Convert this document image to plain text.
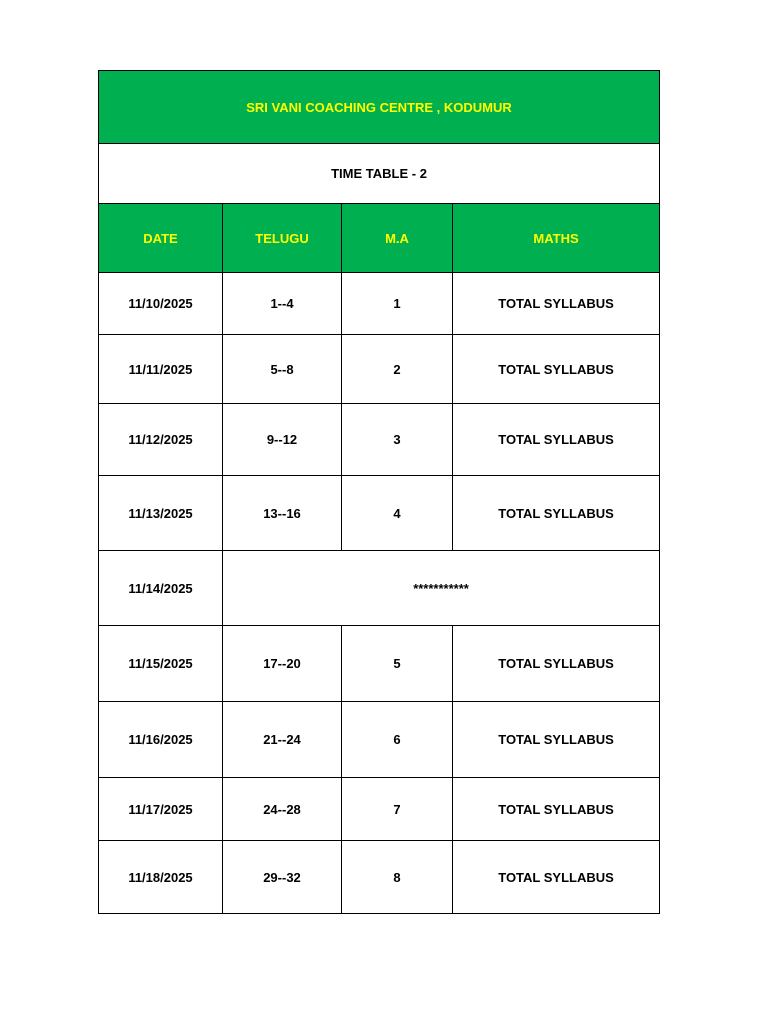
SRI VANI COACHING CENTRE , KODUMUR			
TIME TABLE - 2			
DATE	TELUGU	M.A	MATHS
11/10/2025	1--4	1	TOTAL SYLLABUS
11/11/2025	5--8	2	TOTAL SYLLABUS
11/12/2025	9--12	3	TOTAL SYLLABUS
11/13/2025	13--16	4	TOTAL SYLLABUS
11/14/2025	***********		
11/15/2025	17--20	5	TOTAL SYLLABUS
11/16/2025	21--24	6	TOTAL SYLLABUS
11/17/2025	24--28	7	TOTAL SYLLABUS
11/18/2025	29--32	8	TOTAL SYLLABUS
